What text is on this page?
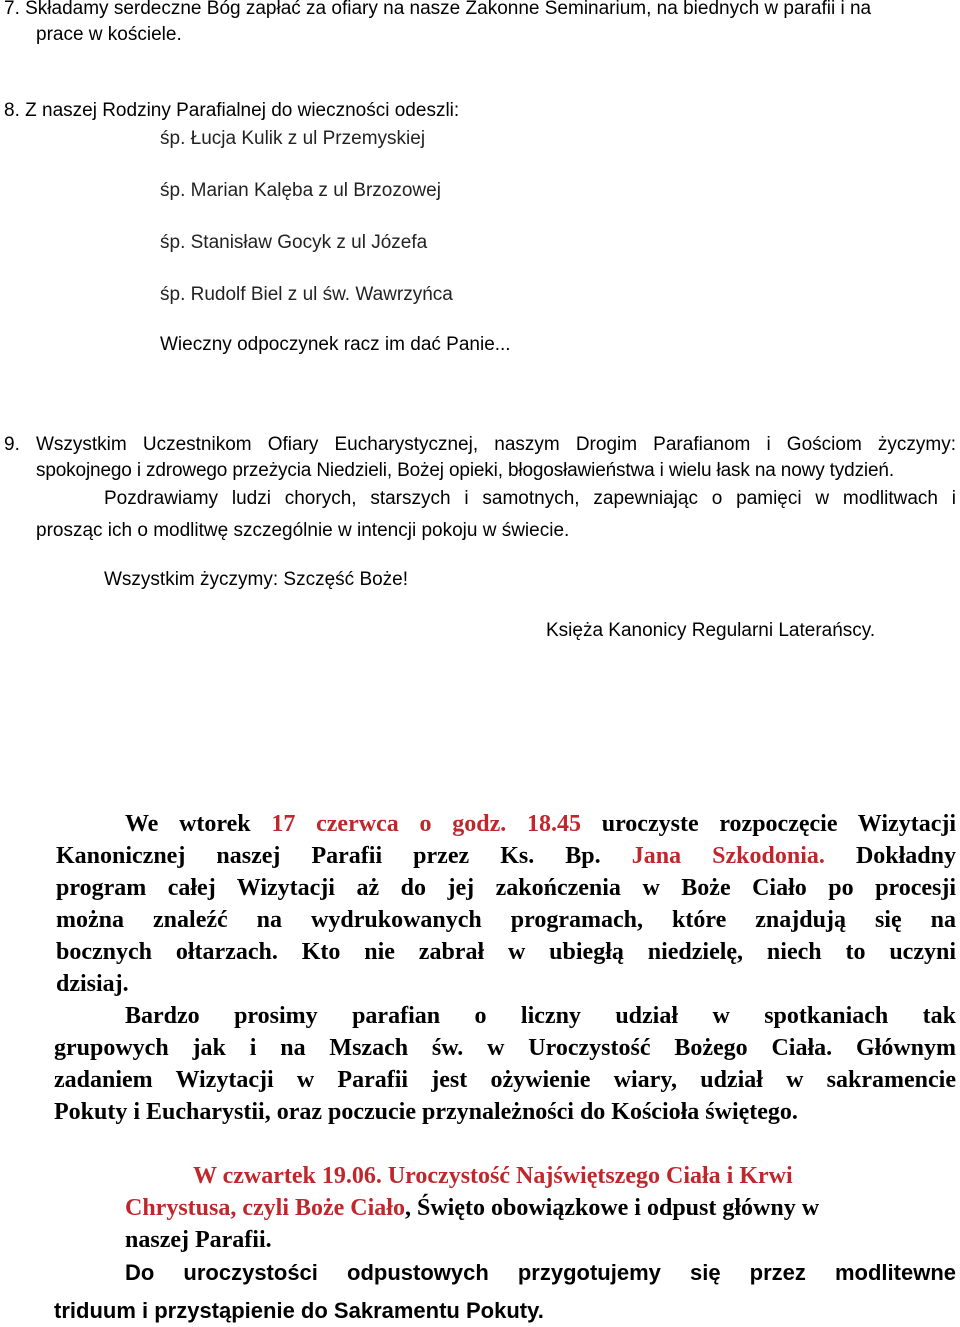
7. Składamy serdeczne Bóg zapłać za ofiary na nasze Zakonne Seminarium, na biednych w parafii i na
prace w kościele.
8. Z naszej Rodziny Parafialnej do wieczności odeszli:
śp. Łucja Kulik z ul Przemyskiej
śp. Marian Kalęba z ul Brzozowej
śp. Stanisław Gocyk z ul Józefa
śp. Rudolf Biel z ul św. Wawrzyńca
Wieczny odpoczynek racz im dać Panie...
9. Wszystkim Uczestnikom Ofiary Eucharystycznej, naszym Drogim Parafianom i Gościom życzymy:
spokojnego i zdrowego przeżycia Niedzieli, Bożej opieki, błogosławieństwa i wielu łask na nowy tydzień.
Pozdrawiamy ludzi chorych, starszych i samotnych, zapewniając o pamięci w modlitwach i
prosząc ich o modlitwę szczególnie w intencji pokoju w świecie.
Wszystkim życzymy: Szczęść Boże!
Księża Kanonicy Regularni Laterańscy.
We wtorek 17 czerwca o godz. 18.45 uroczyste rozpoczęcie Wizytacji
Kanonicznej naszej Parafii przez Ks. Bp. Jana Szkodonia. Dokładny
program całej Wizytacji aż do jej zakończenia w Boże Ciało po procesji
można znaleźć na wydrukowanych programach, które znajdują się na
bocznych ołtarzach. Kto nie zabrał w ubiegłą niedzielę, niech to uczyni
dzisiaj.
Bardzo prosimy parafian o liczny udział w spotkaniach tak
grupowych jak i na Mszach św. w Uroczystość Bożego Ciała. Głównym
zadaniem Wizytacji w Parafii jest ożywienie wiary, udział w sakramencie
Pokuty i Eucharystii, oraz poczucie przynależności do Kościoła świętego.
W czwartek 19.06. Uroczystość Najświętszego Ciała i Krwi
Chrystusa, czyli Boże Ciało, Święto obowiązkowe i odpust główny w
naszej Parafii.
Do uroczystości odpustowych przygotujemy się przez modlitewne
triduum i przystąpienie do Sakramentu Pokuty.
